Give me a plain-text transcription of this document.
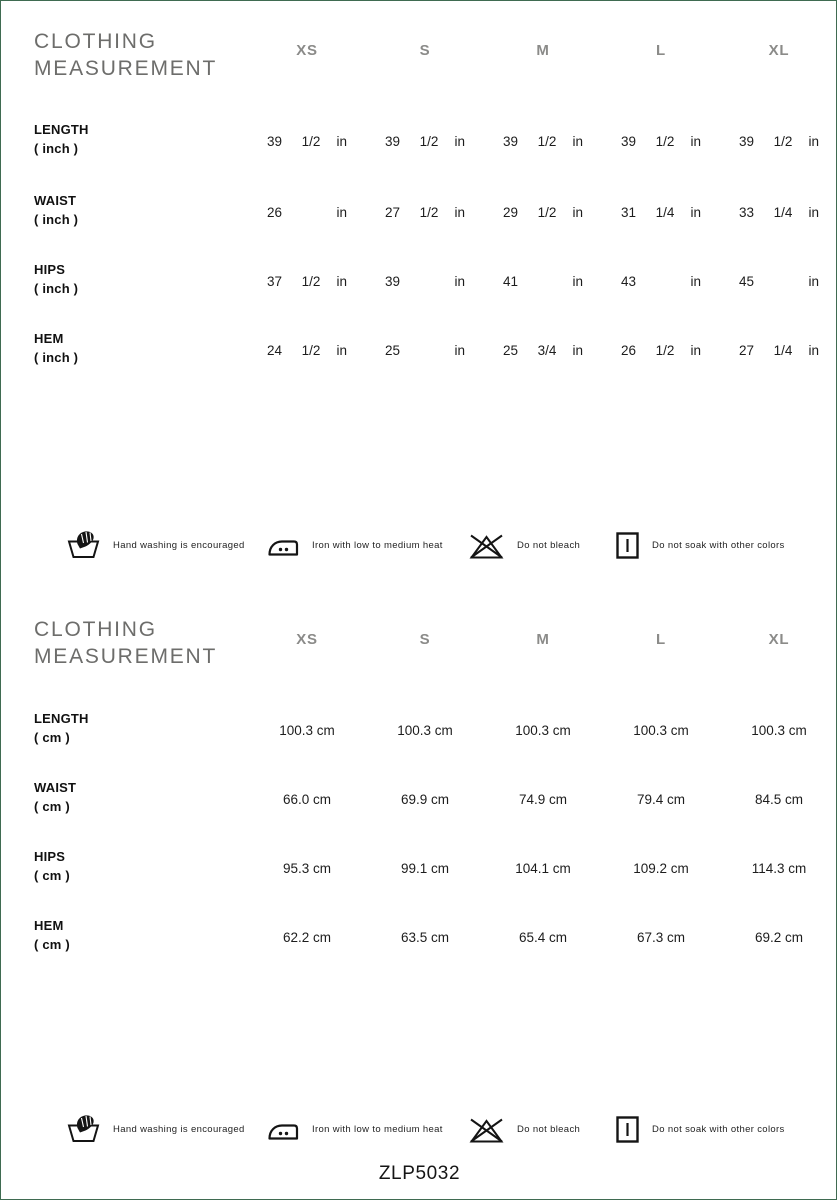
CLOTHING
MEASUREMENT
XS	S	M	L	XL
LENGTH
( inch )	39	1/2	in	39	1/2	in	39	1/2	in	39	1/2	in	39	1/2	in
WAIST
( inch )	26	in	27	1/2	in	29	1/2	in	31	1/4	in	33	1/4	in
HIPS
( inch )	37	1/2	in	39	in	41	in	43	in	45	in
HEM
( inch )	24	1/2	in	25	in	25	3/4	in	26	1/2	in	27	1/4	in
Hand washing is encouraged	Iron with low to medium heat	Do not bleach	Do not soak with other colors
CLOTHING
MEASUREMENT
XS	S	M	L	XL
LENGTH
( cm )	100.3 cm	100.3 cm	100.3 cm	100.3 cm	100.3 cm
WAIST
( cm )	66.0 cm	69.9 cm	74.9 cm	79.4 cm	84.5 cm
HIPS
( cm )	95.3 cm	99.1 cm	104.1 cm	109.2 cm	114.3 cm
HEM
( cm )	62.2 cm	63.5 cm	65.4 cm	67.3 cm	69.2 cm
Hand washing is encouraged	Iron with low to medium heat	Do not bleach	Do not soak with other colors
ZLP5032
